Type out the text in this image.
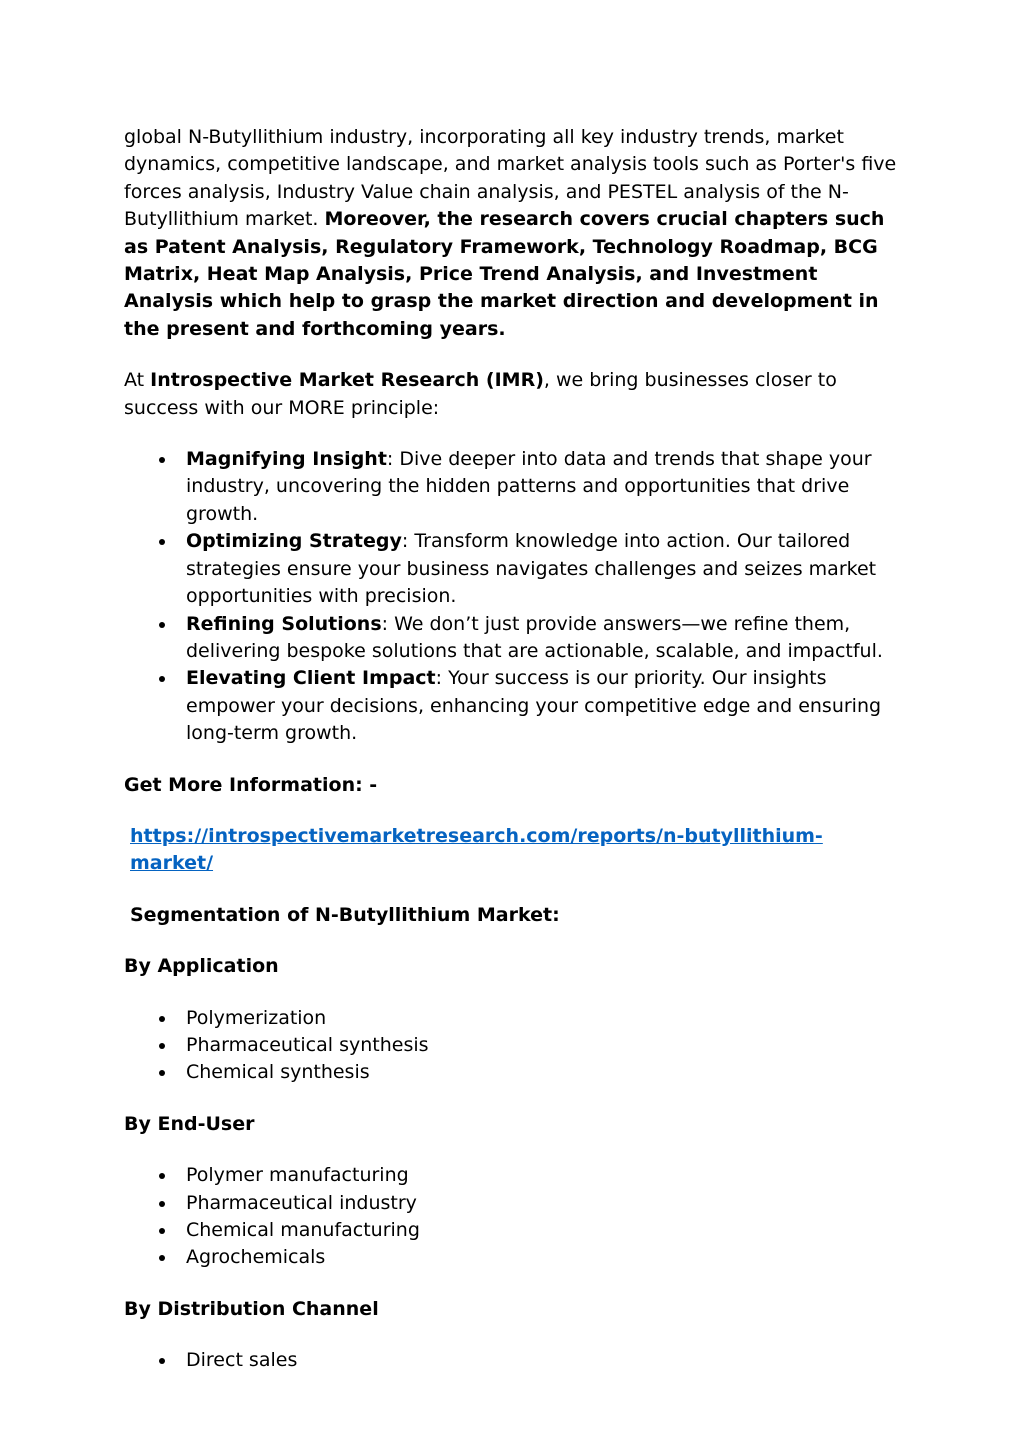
global N-Butyllithium industry, incorporating all key industry trends, market dynamics, competitive landscape, and market analysis tools such as Porter's five forces analysis, Industry Value chain analysis, and PESTEL analysis of the N-Butyllithium market. Moreover, the research covers crucial chapters such as Patent Analysis, Regulatory Framework, Technology Roadmap, BCG Matrix, Heat Map Analysis, Price Trend Analysis, and Investment Analysis which help to grasp the market direction and development in the present and forthcoming years.

At Introspective Market Research (IMR), we bring businesses closer to success with our MORE principle:

Magnifying Insight: Dive deeper into data and trends that shape your industry, uncovering the hidden patterns and opportunities that drive growth.
Optimizing Strategy: Transform knowledge into action. Our tailored strategies ensure your business navigates challenges and seizes market opportunities with precision.
Refining Solutions: We don’t just provide answers—we refine them, delivering bespoke solutions that are actionable, scalable, and impactful.
Elevating Client Impact: Your success is our priority. Our insights empower your decisions, enhancing your competitive edge and ensuring long-term growth.

Get More Information: -

https://introspectivemarketresearch.com/reports/n-butyllithium-market/

Segmentation of N-Butyllithium Market:

By Application

Polymerization
Pharmaceutical synthesis
Chemical synthesis

By End-User

Polymer manufacturing
Pharmaceutical industry
Chemical manufacturing
Agrochemicals

By Distribution Channel

Direct sales
